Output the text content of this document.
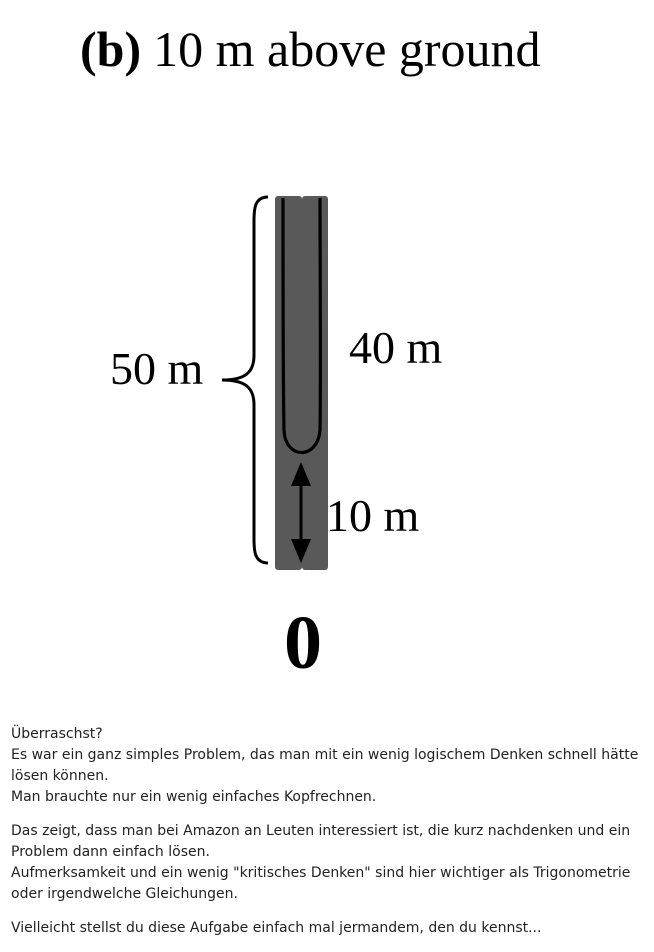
(b) 10 m above ground
50 m	40 m
10 m
0

Überraschst?
Es war ein ganz simples Problem, das man mit ein wenig logischem Denken schnell hätte lösen können.
Man brauchte nur ein wenig einfaches Kopfrechnen.

Das zeigt, dass man bei Amazon an Leuten interessiert ist, die kurz nachdenken und ein Problem dann einfach lösen.
Aufmerksamkeit und ein wenig "kritisches Denken" sind hier wichtiger als Trigonometrie oder irgendwelche Gleichungen.

Vielleicht stellst du diese Aufgabe einfach mal jermandem, den du kennst...
